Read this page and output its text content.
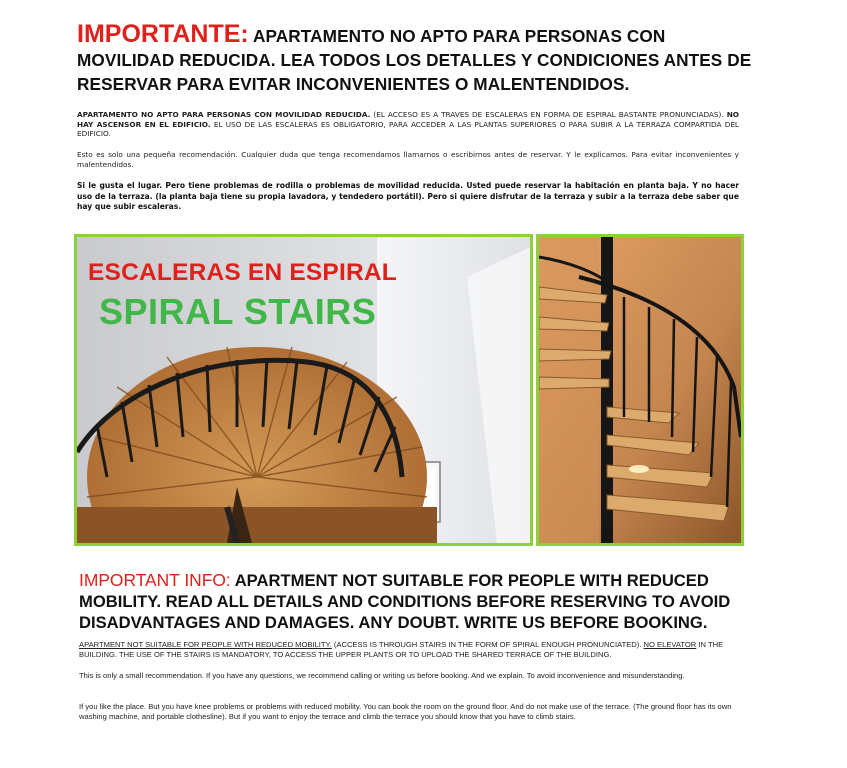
IMPORTANTE: APARTAMENTO NO APTO PARA PERSONAS CON MOVILIDAD REDUCIDA. LEA TODOS LOS DETALLES Y CONDICIONES ANTES DE RESERVAR PARA EVITAR INCONVENIENTES O MALENTENDIDOS.
APARTAMENTO NO APTO PARA PERSONAS CON MOVILIDAD REDUCIDA. (EL ACCESO ES A TRAVES DE ESCALERAS EN FORMA DE ESPIRAL BASTANTE PRONUNCIADAS). NO HAY ASCENSOR EN EL EDIFICIO. EL USO DE LAS ESCALERAS ES OBLIGATORIO, PARA ACCEDER A LAS PLANTAS SUPERIORES O PARA SUBIR A LA TERRAZA COMPARTIDA DEL EDIFICIO.
Esto es solo una pequeña recomendación. Cualquier duda que tenga recomendamos llamarnos o escribirnos antes de reservar. Y le explicamos. Para evitar inconvenientes y malentendidos.
Si le gusta el lugar. Pero tiene problemas de rodilla o problemas de movilidad reducida. Usted puede reservar la habitación en planta baja. Y no hacer uso de la terraza. (la planta baja tiene su propia lavadora, y tendedero portátil). Pero si quiere disfrutar de la terraza y subir a la terraza debe saber que hay que subir escaleras.
ESCALERAS EN ESPIRAL
SPIRAL STAIRS
IMPORTANT INFO: APARTMENT NOT SUITABLE FOR PEOPLE WITH REDUCED MOBILITY. READ ALL DETAILS AND CONDITIONS BEFORE RESERVING TO AVOID DISADVANTAGES AND DAMAGES. ANY DOUBT. WRITE US BEFORE BOOKING.
APARTMENT NOT SUITABLE FOR PEOPLE WITH REDUCED MOBILITY. (ACCESS IS THROUGH STAIRS IN THE FORM OF SPIRAL ENOUGH PRONUNCIATED). NO ELEVATOR IN THE BUILDING. THE USE OF THE STAIRS IS MANDATORY, TO ACCESS THE UPPER PLANTS OR TO UPLOAD THE SHARED TERRACE OF THE BUILDING.
This is only a small recommendation. If you have any questions, we recommend calling or writing us before booking. And we explain. To avoid inconvenience and misunderstanding.
If you like the place. But you have knee problems or problems with reduced mobility. You can book the room on the ground floor. And do not make use of the terrace. (The ground floor has its own washing machine, and portable clothesline). But if you want to enjoy the terrace and climb the terrace you should know that you have to climb stairs.
